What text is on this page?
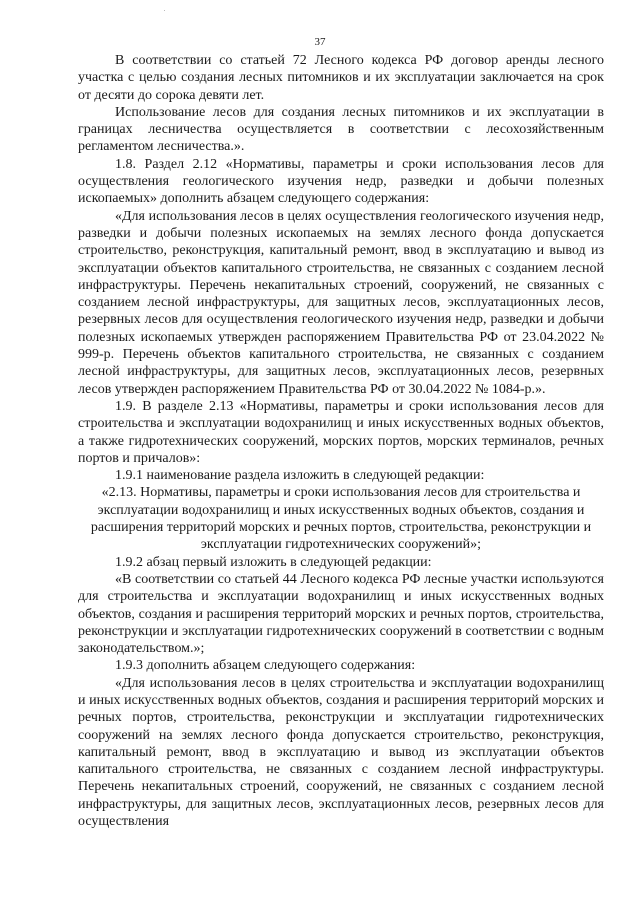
37

В соответствии со статьей 72 Лесного кодекса РФ договор аренды лесного участка с целью создания лесных питомников и их эксплуатации заключается на срок от десяти до сорока девяти лет.

Использование лесов для создания лесных питомников и их эксплуатации в границах лесничества осуществляется в соответствии с лесохозяйственным регламентом лесничества.».

1.8. Раздел 2.12 «Нормативы, параметры и сроки использования лесов для осуществления геологического изучения недр, разведки и добычи полезных ископаемых» дополнить абзацем следующего содержания:

«Для использования лесов в целях осуществления геологического изучения недр, разведки и добычи полезных ископаемых на землях лесного фонда допускается строительство, реконструкция, капитальный ремонт, ввод в эксплуатацию и вывод из эксплуатации объектов капитального строительства, не связанных с созданием лесной инфраструктуры. Перечень некапитальных строений, сооружений, не связанных с созданием лесной инфраструктуры, для защитных лесов, эксплуатационных лесов, резервных лесов для осуществления геологического изучения недр, разведки и добычи полезных ископаемых утвержден распоряжением Правительства РФ от 23.04.2022 № 999-р. Перечень объектов капитального строительства, не связанных с созданием лесной инфраструктуры, для защитных лесов, эксплуатационных лесов, резервных лесов утвержден распоряжением Правительства РФ от 30.04.2022 № 1084-р.».

1.9. В разделе 2.13 «Нормативы, параметры и сроки использования лесов для строительства и эксплуатации водохранилищ и иных искусственных водных объектов, а также гидротехнических сооружений, морских портов, морских терминалов, речных портов и причалов»:

1.9.1 наименование раздела изложить в следующей редакции:

«2.13. Нормативы, параметры и сроки использования лесов для строительства и эксплуатации водохранилищ и иных искусственных водных объектов, создания и расширения территорий морских и речных портов, строительства, реконструкции и эксплуатации гидротехнических сооружений»;

1.9.2 абзац первый изложить в следующей редакции:

«В соответствии со статьей 44 Лесного кодекса РФ лесные участки используются для строительства и эксплуатации водохранилищ и иных искусственных водных объектов, создания и расширения территорий морских и речных портов, строительства, реконструкции и эксплуатации гидротехнических сооружений в соответствии с водным законодательством.»;

1.9.3 дополнить абзацем следующего содержания:

«Для использования лесов в целях строительства и эксплуатации водохранилищ и иных искусственных водных объектов, создания и расширения территорий морских и речных портов, строительства, реконструкции и эксплуатации гидротехнических сооружений на землях лесного фонда допускается строительство, реконструкция, капитальный ремонт, ввод в эксплуатацию и вывод из эксплуатации объектов капитального строительства, не связанных с созданием лесной инфраструктуры. Перечень некапитальных строений, сооружений, не связанных с созданием лесной инфраструктуры, для защитных лесов, эксплуатационных лесов, резервных лесов для осуществления
